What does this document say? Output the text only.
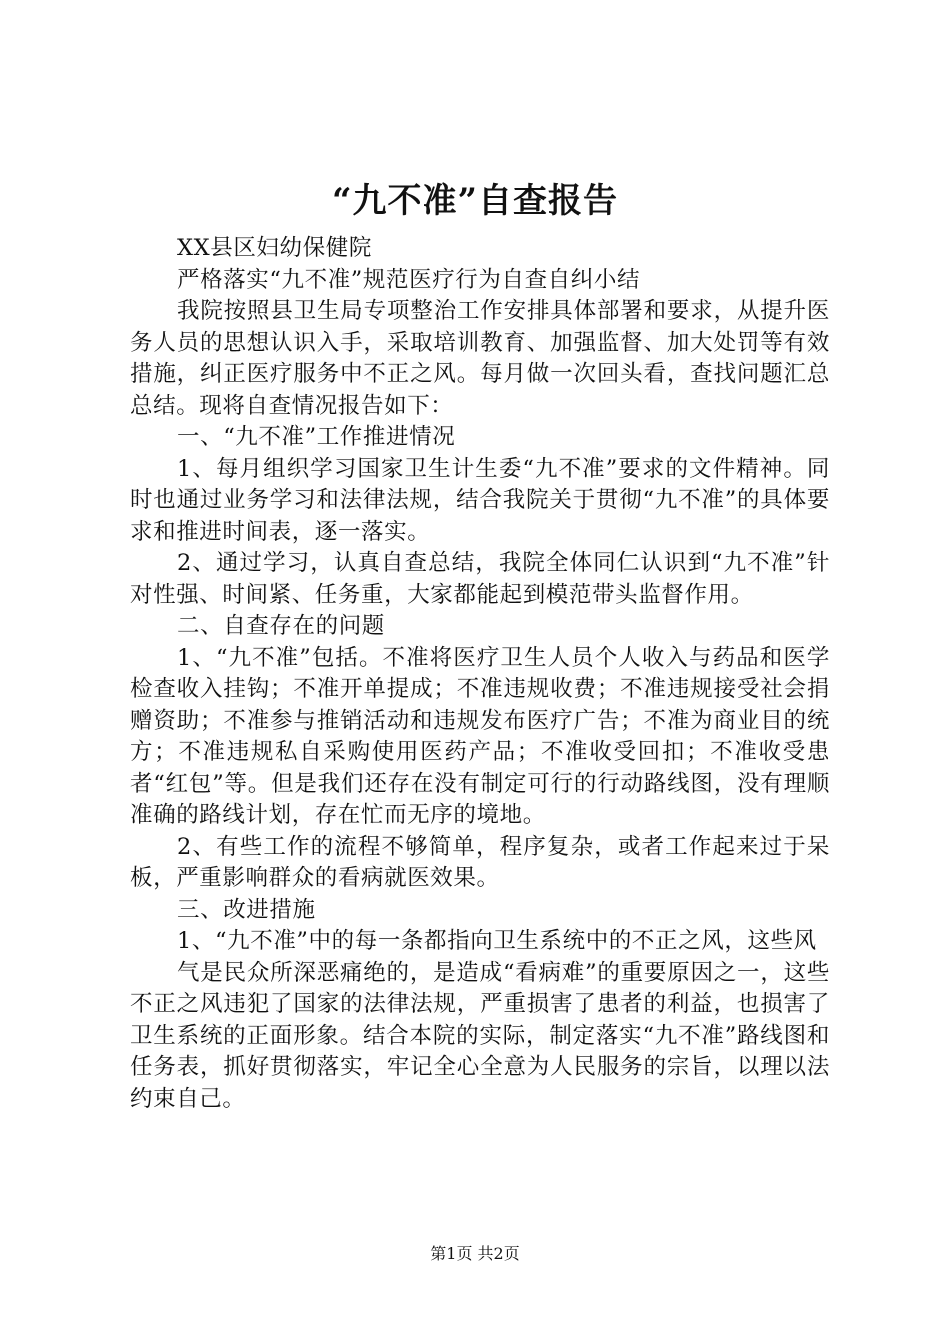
“九不准”自查报告

XX县区妇幼保健院

严格落实“九不准”规范医疗行为自查自纠小结

我院按照县卫生局专项整治工作安排具体部署和要求，从提升医务人员的思想认识入手，采取培训教育、加强监督、加大处罚等有效措施，纠正医疗服务中不正之风。每月做一次回头看，查找问题汇总总结。现将自查情况报告如下：

一、“九不准”工作推进情况

1、每月组织学习国家卫生计生委“九不准”要求的文件精神。同时也通过业务学习和法律法规，结合我院关于贯彻“九不准”的具体要求和推进时间表，逐一落实。

2、通过学习，认真自查总结，我院全体同仁认识到“九不准”针对性强、时间紧、任务重，大家都能起到模范带头监督作用。

二、自查存在的问题

1、“九不准”包括。不准将医疗卫生人员个人收入与药品和医学检查收入挂钩；不准开单提成；不准违规收费；不准违规接受社会捐赠资助；不准参与推销活动和违规发布医疗广告；不准为商业目的统方；不准违规私自采购使用医药产品；不准收受回扣；不准收受患者“红包”等。但是我们还存在没有制定可行的行动路线图，没有理顺准确的路线计划，存在忙而无序的境地。

2、有些工作的流程不够简单，程序复杂，或者工作起来过于呆板，严重影响群众的看病就医效果。

三、改进措施

1、“九不准”中的每一条都指向卫生系统中的不正之风，这些风

气是民众所深恶痛绝的，是造成“看病难”的重要原因之一，这些不正之风违犯了国家的法律法规，严重损害了患者的利益，也损害了卫生系统的正面形象。结合本院的实际，制定落实“九不准”路线图和任务表，抓好贯彻落实，牢记全心全意为人民服务的宗旨，以理以法约束自己。

第1页 共2页
